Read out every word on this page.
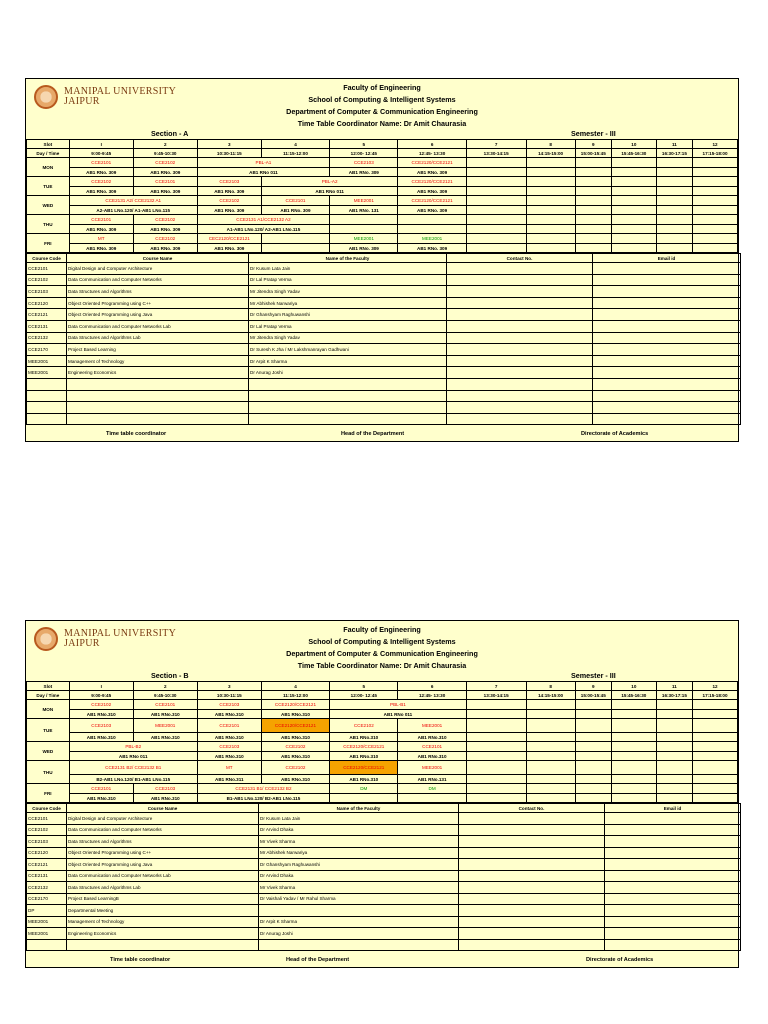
MANIPAL UNIVERSITY
JAIPUR
Faculty of Engineering
School of Computing & Intelligent Systems
Department of Computer & Communication Engineering
Time Table Coordinator Name: Dr Amit Chaurasia
Section - A	Semester - III
Slot	I	2	3	4	5	6	7	8	9	10	11	12
Day / Time	9:00-9:45	9:45-10:30	10:30-11:15	11:15-12:00	12:00- 12:45	12:45- 13:30	13:30-14:15	14:15-15:00	15:00-15:45	15:45-16:30	16:30-17:15	17:15-18:00
MON	CCE2101	CCE2102	PBL-A1		CCE2103	CCE2120/CCE2121						
	AB1 RNo. 309	AB1 RNo. 309	AB1 RNo 011		AB1 RNo. 309	AB1 RNo. 309						
TUE	CCE2102	CCE2101	CCE2103	PBL-A2		CCE2120/CCE2121						
	AB1 RNo. 309	AB1 RNo. 309	AB1 RNo. 309	AB1 RNo 011		AB1 RNo. 309						
WED	CCE2131 A2/ CCE2132 A1		CCE2102	CCE2101	MEE2001	CCE2120/CCE2121						
	A2-AB1 LNo.120/ A1-AB1 LNo.115		AB1 RNo. 309	AB1 RNo. 309	AB1 RNo. 131	AB1 RNo. 309						
THU	CCE2101	CCE2102	CCE2131 A1/CCE2132 A2									
	AB1 RNo. 309	AB1 RNo. 309	A1-AB1 LNo.120/ A2-AB1 LNo.115									
FRI	MT	CCE2102	CEC2120/CCE2121		MEE2001	MEE2001						
	AB1 RNo. 309	AB1 RNo. 309	AB1 RNo. 309		AB1 RNo. 309	AB1 RNo. 309						
Course Code	Course Name	Name of the Faculty	Contact No.	Email id
CCE2101	Digital Design and Computer Architecture	Dr Kusum Lata Jain		
CCE2102	Data Communication and Computer Networks	Dr Lal Pratap Verma		
CCE2103	Data Structures and Algorithms	Mr Jitendra Singh Yadav		
CCE2120	Object Oriented Programming using C++	Mr Abhishek Narwariya		
CCE2121	Object Oriented Programming using Java	Dr Ghanshyam Raghuwanshi		
CCE2131	Data Communication and Computer Networks Lab	Dr Lal Pratap Verma		
CCE2132	Data Structures and Algorithms Lab	Mr Jitendra Singh Yadav		
CCE2170	Project Based Learning	Dr Suresh K Jha / Mr Lakshmanrayan Gadhwani		
MEE2001	Management of Technology	Dr Arpit K Sharma		
MEE2001	Engineering Economics	Dr Anurag Joshi		

Time table coordinator	Head of the Department	Directorate of Academics
MANIPAL UNIVERSITY
JAIPUR
Faculty of Engineering
School of Computing & Intelligent Systems
Department of Computer & Communication Engineering
Time Table Coordinator Name: Dr Amit Chaurasia
Section - B	Semester - III
Slot	I	2	3	4	5	6	7	8	9	10	11	12
Day / Time	9:00-9:45	9:45-10:30	10:30-11:15	11:15-12:00	12:00- 12:45	12:45- 13:30	13:30-14:15	14:15-15:00	15:00-15:45	15:45-16:30	16:30-17:15	17:15-18:00
MON	CCE2102	CCE2101	CCE2103	CCE2120/CCE2121	PBL-B1							
	AB1 RNo.310	AB1 RNo.310	AB1 RNo.310	AB1 RNo.310	AB1 RNo 011							
TUE	CCE2103	MEE2001	CCE2101	CCE2120/CCE2121	CCE2102	MEE2001						
	AB1 RNo.310	AB1 RNo.310	AB1 RNo.310	AB1 RNo.310	AB1 RNo.310	AB1 RNo.310						
WED	PBL-B2		CCE2103	CCE2102	CCE2120/CCE2121	CCE2101						
	AB1 RNo 011		AB1 RNo.310	AB1 RNo.310	AB1 RNo.310	AB1 RNo.310						
THU	CCE2131 B2/ CCE2132 B1		MT	CCE2102	CCE2120/CCE2121	MEE2001						
	B2-AB1 LNo.120/ B1-AB1 LNo.115		AB1 RNo.311	AB1 RNo.310	AB1 RNo.310	AB1 RNo.131						
FRI	CCE2101	CCE2103	CCE2131 B1/ CCE2132 B2		DM	DM						
	AB1 RNo.310	AB1 RNo.310	B1-AB1 LNo.120/ B2-AB1 LNo.115									
Course Code	Course Name	Name of the Faculty	Contact No.	Email id
CCE2101	Digital Design and Computer Architecture	Dr Kusum Lata Jain		
CCE2102	Data Communication and Computer Networks	Dr Arvind Dhaka		
CCE2103	Data Structures and Algorithms	Mr Vivek Sharma		
CCE2120	Object Oriented Programming using C++	Mr Abhishek Narwariya		
CCE2121	Object Oriented Programming using Java	Dr Ghanshyam Raghuwanshi		
CCE2131	Data Communication and Computer Networks Lab	Dr Arvind Dhaka		
CCE2132	Data Structures and Algorithms Lab	Mr Vivek Sharma		
CCE2170	Project Based LearningB	Dr Vaishali Yadav / Mr Rahul Sharma		
DP	Departmental Meeting			
MEE2001	Management of Technology	Dr Arpit K Sharma		
MEE2001	Engineering Economics	Dr Anurag Joshi		

Time table coordinator	Head of the Department	Directorate of Academics
